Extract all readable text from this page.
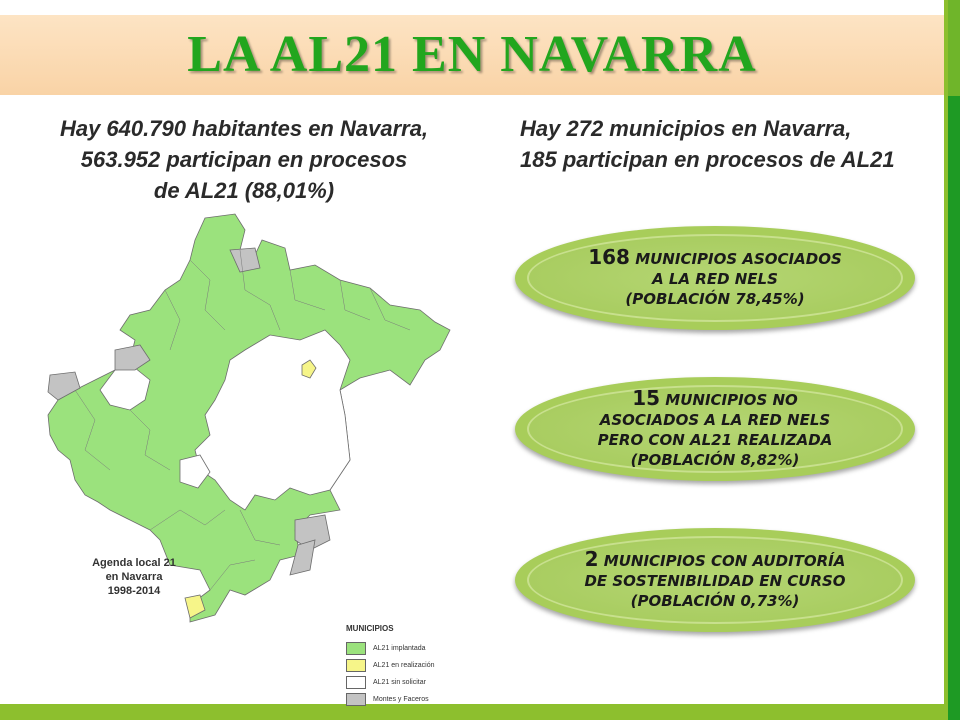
LA AL21 EN NAVARRA
Hay 640.790 habitantes en Navarra,
563.952 participan en procesos
de AL21 (88,01%)
Hay 272 municipios en Navarra,
185 participan en procesos de AL21
Agenda local 21
en Navarra
1998-2014
MUNICIPIOS
AL21 implantada
AL21 en realización
AL21 sin solicitar
Montes y Faceros
168 MUNICIPIOS ASOCIADOS
A LA RED NELS
(POBLACIÓN 78,45%)
15 MUNICIPIOS NO
ASOCIADOS A LA RED NELS
PERO CON AL21 REALIZADA
(POBLACIÓN 8,82%)
2 MUNICIPIOS CON AUDITORÍA
DE SOSTENIBILIDAD EN CURSO
(POBLACIÓN 0,73%)
